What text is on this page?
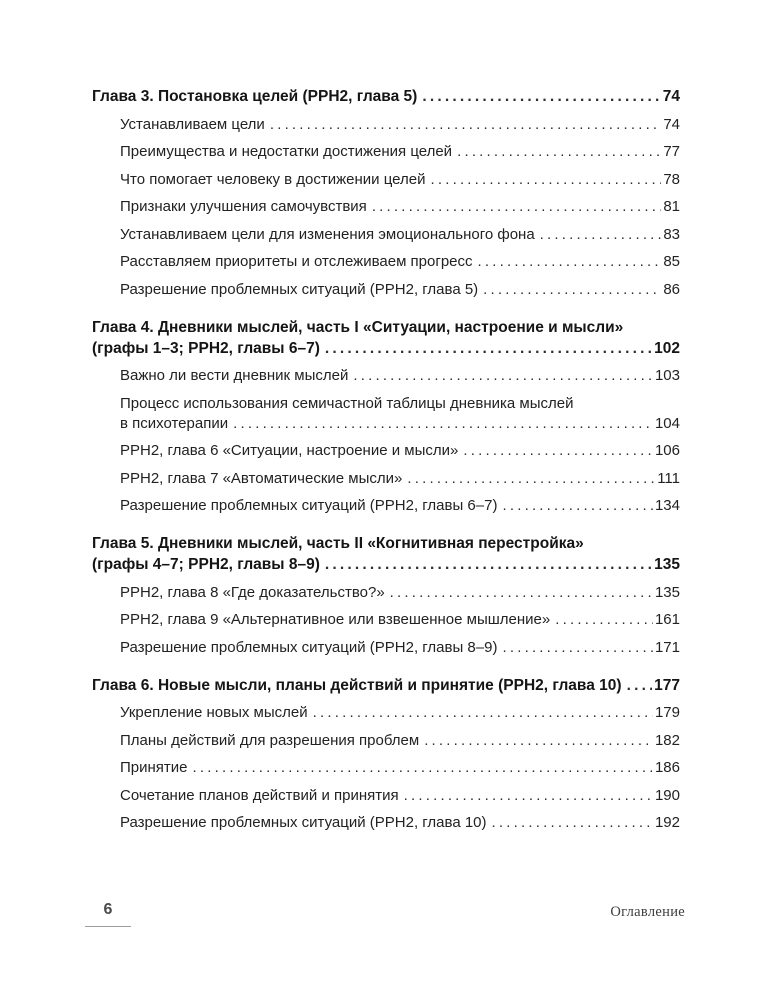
Глава 3. Постановка целей (РРН2, глава 5) .....	74
Устанавливаем цели .....	74
Преимущества и недостатки достижения целей .....	77
Что помогает человеку в достижении целей .....	78
Признаки улучшения самочувствия .....	81
Устанавливаем цели для изменения эмоционального фона .....	83
Расставляем приоритеты и отслеживаем прогресс .....	85
Разрешение проблемных ситуаций (РРН2, глава 5) .....	86
Глава 4. Дневники мыслей, часть I «Ситуации, настроение и мысли»
(графы 1–3; РРН2, главы 6–7) .....	102
Важно ли вести дневник мыслей .....	103
Процесс использования семичастной таблицы дневника мыслей
в психотерапии .....	104
РРН2, глава 6 «Ситуации, настроение и мысли» .....	106
РРН2, глава 7 «Автоматические мысли» .....	111
Разрешение проблемных ситуаций (РРН2, главы 6–7) .....	134
Глава 5. Дневники мыслей, часть II «Когнитивная перестройка»
(графы 4–7; РРН2, главы 8–9) .....	135
РРН2, глава 8 «Где доказательство?» .....	135
РРН2, глава 9 «Альтернативное или взвешенное мышление» .....	161
Разрешение проблемных ситуаций (РРН2, главы 8–9) .....	171
Глава 6. Новые мысли, планы действий и принятие (РРН2, глава 10) ..... 177
Укрепление новых мыслей .....	179
Планы действий для разрешения проблем .....	182
Принятие .....	186
Сочетание планов действий и принятия .....	190
Разрешение проблемных ситуаций (РРН2, глава 10) .....	192
6	Оглавление
